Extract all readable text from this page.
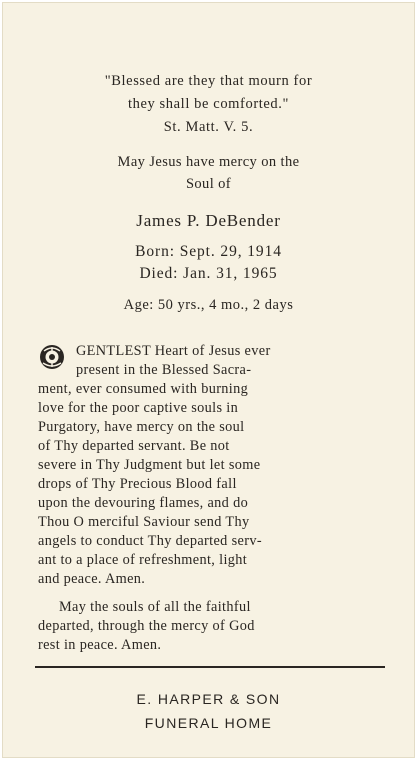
"Blessed are they that mourn for
they shall be comforted."
St. Matt. V. 5.
May Jesus have mercy on the
Soul of
James P. DeBender
Born: Sept. 29, 1914
Died: Jan. 31, 1965
Age: 50 yrs., 4 mo., 2 days
GENTLEST Heart of Jesus ever
present in the Blessed Sacra-
ment, ever consumed with burning
love for the poor captive souls in
Purgatory, have mercy on the soul
of Thy departed servant. Be not
severe in Thy Judgment but let some
drops of Thy Precious Blood fall
upon the devouring flames, and do
Thou O merciful Saviour send Thy
angels to conduct Thy departed serv-
ant to a place of refreshment, light
and peace. Amen.
May the souls of all the faithful
departed, through the mercy of God
rest in peace. Amen.
E. HARPER & SON
FUNERAL HOME
